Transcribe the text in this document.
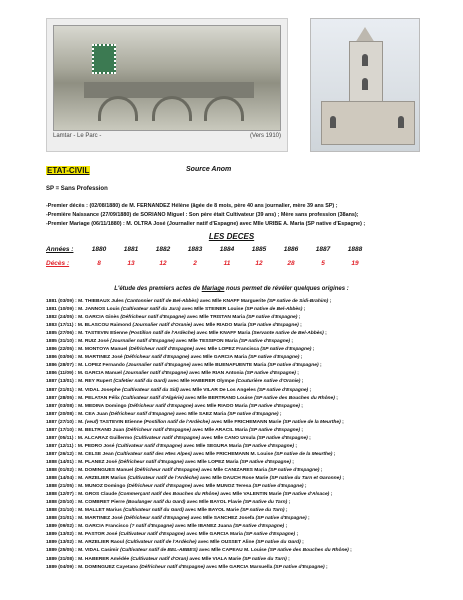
Lamtar - Le Parc -	(Vers 1910)
ETAT-CIVIL	Source Anom
SP = Sans Profession
-Premier décès : (02/08/1880) de M. FERNANDEZ Hélène (âgée de 8 mois, père 40 ans journalier, mère 39 ans SP) ;
-Première Naissance (27/09/1880) de SORIANO Miguel : Son père était Cultivateur (39 ans) ; Mère sans profession (38ans);
-Premier Mariage (06/11/1880) : M. OLTRA José (Journalier natif d'Espagne) avec Mlle URIBE A. Maria (SP native d'Espagne) ;
LES DECES
Années :	1880	1881	1882	1883	1884	1885	1886	1887	1888
Décès :	8	13	12	2	11	12	28	5	19
L'étude des premiers actes de Mariage nous permet de révéler quelques origines :
1881 (03/09) : M. THIEBAUX Jules (Cantonnier natif de Bel-Abbès) avec Mlle KNAFF Marguerite (SP native de Sidi-Brahim) ;
1881 (10/09) : M. JANNOS Louis (Cultivateur natif du Jura) avec Mlle STEINER Louise (SP native de Bel-Abbès) ;
1882 (24/05) : M. GARCIA Ginès (Défricheur natif d'Espagne) avec Mlle TRISTAN Maria (SP native d'Espagne) ;
1883 (17/11) : M. BLASCOU Raimond (Journalier natif d'Oranie) avec Mlle RIADO Maria (SP native d'Espagne) ;
1885 (27/06) : M. TASTEVIN Etienne (Postillon natif de l'Ardèche) avec Mlle KNAFF Maria (Servante native de Bel-Abbès) ;
1885 (31/10) : M. RUIZ José (Journalier natif d'Espagne) avec Mlle TESSIFON Maria (SP native d'Espagne) ;
1886 (22/05) : M. MONTOYA Manuel (Défricheur natif d'Espagne) avec Mlle LOPEZ Francisca (SP native d'Espagne) ;
1886 (03/06) : M. MARTINEZ José (Défricheur natif d'Espagne) avec Mlle GARCIA Maria (SP native d'Espagne) ;
1886 (28/07) : M. LOPEZ Fernando (Journalier natif d'Espagne) avec Mlle BUENAFUENTE Maria (SP native d'Espagne) ;
1886 (11/09) : M. GARCIA Manuel (Journalier natif d'Espagne) avec Mlle RIAN Antonia (SP native d'Espagne) ;
1887 (13/01) : M. REY Rupert (Cafetier natif du Gard) avec Mlle HABERER Olympe (Couturière native d'Oranie) ;
1887 (21/01) : M. VIDAL Josephe (Cultivateur natif du Sid) avec Mlle VILAR De Los Angeles (SP native d'Espagne) ;
1887 (28/05) : M. PELATAN Félix (Cultivateur natif d'Algérie) avec Mlle BERTRAND Louise (SP native des Bouches du Rhône) ;
1887 (03/08) : M. MEDINA Domingo (Défricheur natif d'Espagne) avec Mlle RIADO Maria (SP native d'Espagne) ;
1887 (20/08) : M. CEA Juan (Défricheur natif d'Espagne) avec Mlle SAEZ Maria (SP native d'Espagne) ;
1887 (27/10) : M. (veuf) TASTEVIN Etienne (Postillon natif de l'Ardèche) avec Mlle FRICHEMANN Marie (SP native de la Meurthe) ;
1887 (17/10) : M. BELTRAND Juan (Défricheur natif d'Espagne) avec Mlle ARACIL Maria (SP native d'Espagne) ;
1887 (05/11) : M. ALCARAZ Guillermo (Cultivateur natif d'Espagne) avec Mlle CANO Ursula (SP native d'Espagne) ;
1887 (12/11) : M. PEDRO José (Cultivateur natif d'Espagne) avec Mlle SEGURA Maria (SP native d'Espagne) ;
1887 (26/12) : M. CELSE Jean (Cultivateur natif des Htes Alpes) avec Mlle FRICHEMANN M. Louise (SP native de la Meurthe) ;
1888 (14/01) : M. PLANEZ José (Défricheur natif d'Espagne) avec Mlle LOPEZ Maria (SP native d'Espagne) ;
1888 (01/02) : M. DOMINGUES Manuel (Défricheur natif d'Espagne) avec Mlle CANIZARES Maria (SP native d'Espagne) ;
1888 (14/04) : M. ARZELIER Marius (Cultivateur natif de l'Ardèche) avec Mlle DAUCH Rose Marie (SP native du Tarn et Garonne) ;
1888 (21/05) : M. MUNOZ Domingo (Défricheur natif d'Espagne) avec Mlle MUNOZ Teresa (SP native d'Espagne) ;
1888 (12/07) : M. GROS Claude (Commerçant natif des Bouches du Rhône) avec Mlle VALENTIN Marie (SP native d'Alsace) ;
1888 (20/10) : M. COMBRET Pierre (Boulanger natif du Gard) avec Mlle BAYOL Flavie (SP native du Tarn) ;
1888 (31/10) : M. MALLET Marius (Cultivateur natif du Gard) avec Mlle BAYOL Marie (SP native du Tarn) ;
1888 (31/01) : M. MARTINEZ José (Défricheur natif d'Espagne) avec Mlle SANCHEZ Josefa (SP native d'Espagne) ;
1889 (09/02) : M. GARCIA Francisco (? natif d'Espagne) avec Mlle IBANEZ Juana (SP native d'Espagne) ;
1889 (13/02) : M. PASTOR José (Cultivateur natif d'Espagne) avec Mlle GARCIA Maria (SP native d'Espagne) ;
1889 (13/02) : M. ARZELIER Raoul (Cultivateur natif de l'Ardèche) avec Mlle OUSSET Aline (SP native du Gard) ;
1889 (25/05) : M. VIDAL Casimir (Cultivateur natif de BEL-ABBES) avec Mlle CAPEAU M. Louise (SP native des Bouches du Rhône) ;
1889 (31/08) : M. HABERER Amédée (Cultivateur natif d'Oran) avec Mlle VIALA Marie (SP native du Tarn) ;
1889 (04/09) : M. DOMINGUEZ Cayetano (Défricheur natif d'Espagne) avec Mlle GARCIA Marsuella (SP native d'Espagne) ;
